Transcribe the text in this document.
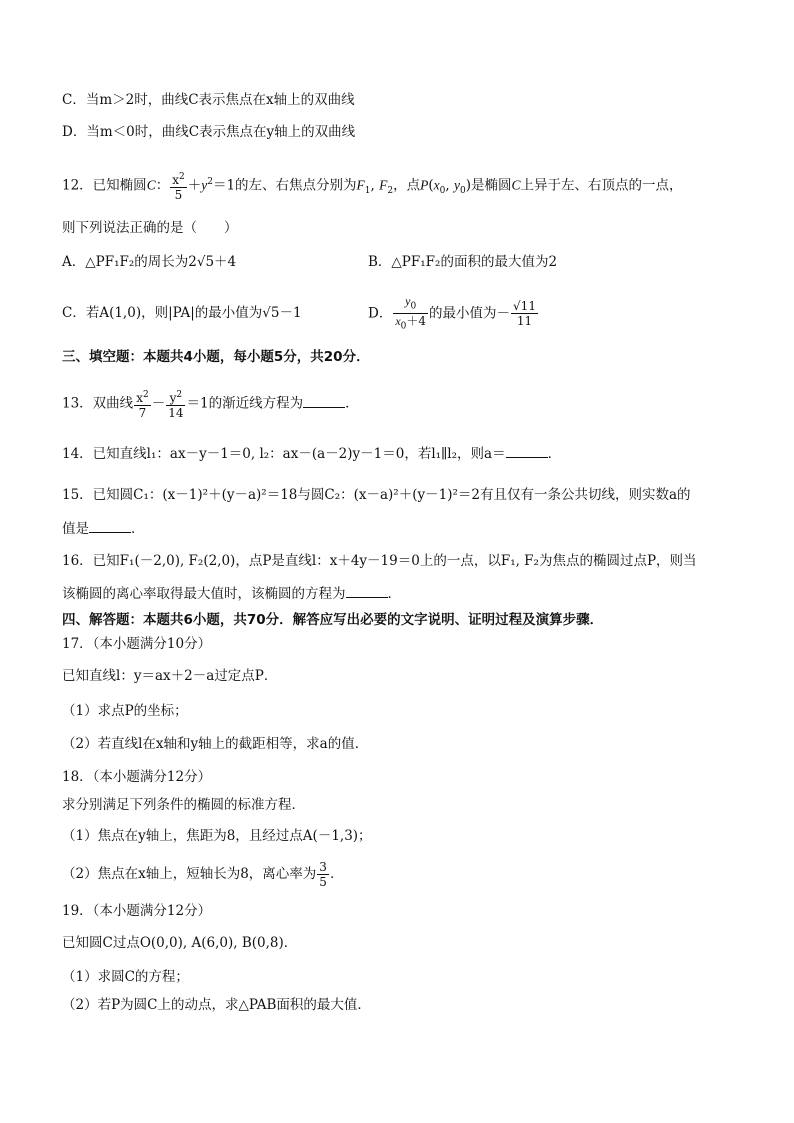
C．当m＞2时，曲线C表示焦点在x轴上的双曲线
D．当m＜0时，曲线C表示焦点在y轴上的双曲线
12．已知椭圆C： $\frac{x^2}{5} +y^2=1$的左、右焦点分别为$F_1$, $F_2$，点$P(x_0$, $y_0$)是椭圆C上异于左、右顶点的一点，
则下列说法正确的是（　　）
A．△PF₁F₂的周长为2√5＋4	B．△PF₁F₂的面积的最大值为2
C．若A(1,0)，则|PA|的最小值为√5－1	D． $\frac{y_0}{x_0+4}$ 的最小值为－ $\frac{√11}{11}$
三、填空题：本题共4小题，每小题5分，共20分．
13．双曲线 $\frac{x^2}{7} - \frac{y^2}{14} =1$的渐近线方程为	．
14．已知直线l₁：ax－y－1＝0, l₂：ax－(a－2)y－1＝0，若l₁∥l₂，则a＝	．
15．已知圆C₁：(x－1)²＋(y－a)²＝18与圆C₂：(x－a)²＋(y－1)²＝2有且仅有一条公共切线，则实数a的
值是	．
16．已知F₁(－2,0), F₂(2,0)，点P是直线l：x＋4y－19＝0上的一点，以F₁, F₂为焦点的椭圆过点P，则当
该椭圆的离心率取得最大值时，该椭圆的方程为	．
四、解答题：本题共6小题，共70分．解答应写出必要的文字说明、证明过程及演算步骤．
17．（本小题满分10分）
已知直线l：y＝ax＋2－a过定点P．
（1）求点P的坐标；
（2）若直线l在x轴和y轴上的截距相等，求a的值．
18．（本小题满分12分）
求分别满足下列条件的椭圆的标准方程．
（1）焦点在y轴上，焦距为8，且经过点A(－1,3)；
（2）焦点在x轴上，短轴长为8，离心率为 $\frac{3}{5}$ ．
19．（本小题满分12分）
已知圆C过点O(0,0), A(6,0), B(0,8)．
（1）求圆C的方程；
（2）若P为圆C上的动点，求△PAB面积的最大值．
